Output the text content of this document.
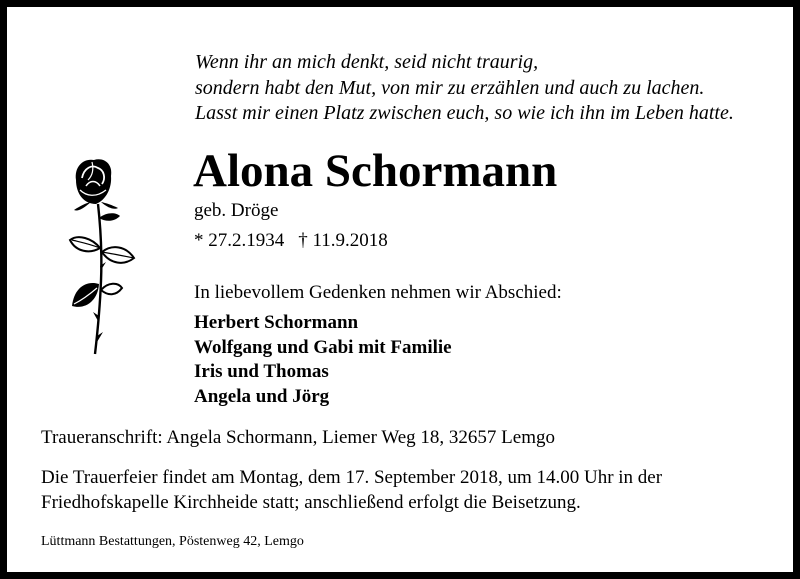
Wenn ihr an mich denkt, seid nicht traurig,
sondern habt den Mut, von mir zu erzählen und auch zu lachen.
Lasst mir einen Platz zwischen euch, so wie ich ihn im Leben hatte.
Alona Schormann
geb. Dröge
* 27.2.1934 † 11.9.2018
In liebevollem Gedenken nehmen wir Abschied:
Herbert Schormann
Wolfgang und Gabi mit Familie
Iris und Thomas
Angela und Jörg
Traueranschrift: Angela Schormann, Liemer Weg 18, 32657 Lemgo
Die Trauerfeier findet am Montag, dem 17. September 2018, um 14.00 Uhr in der
Friedhofskapelle Kirchheide statt; anschließend erfolgt die Beisetzung.
Lüttmann Bestattungen, Pöstenweg 42, Lemgo
